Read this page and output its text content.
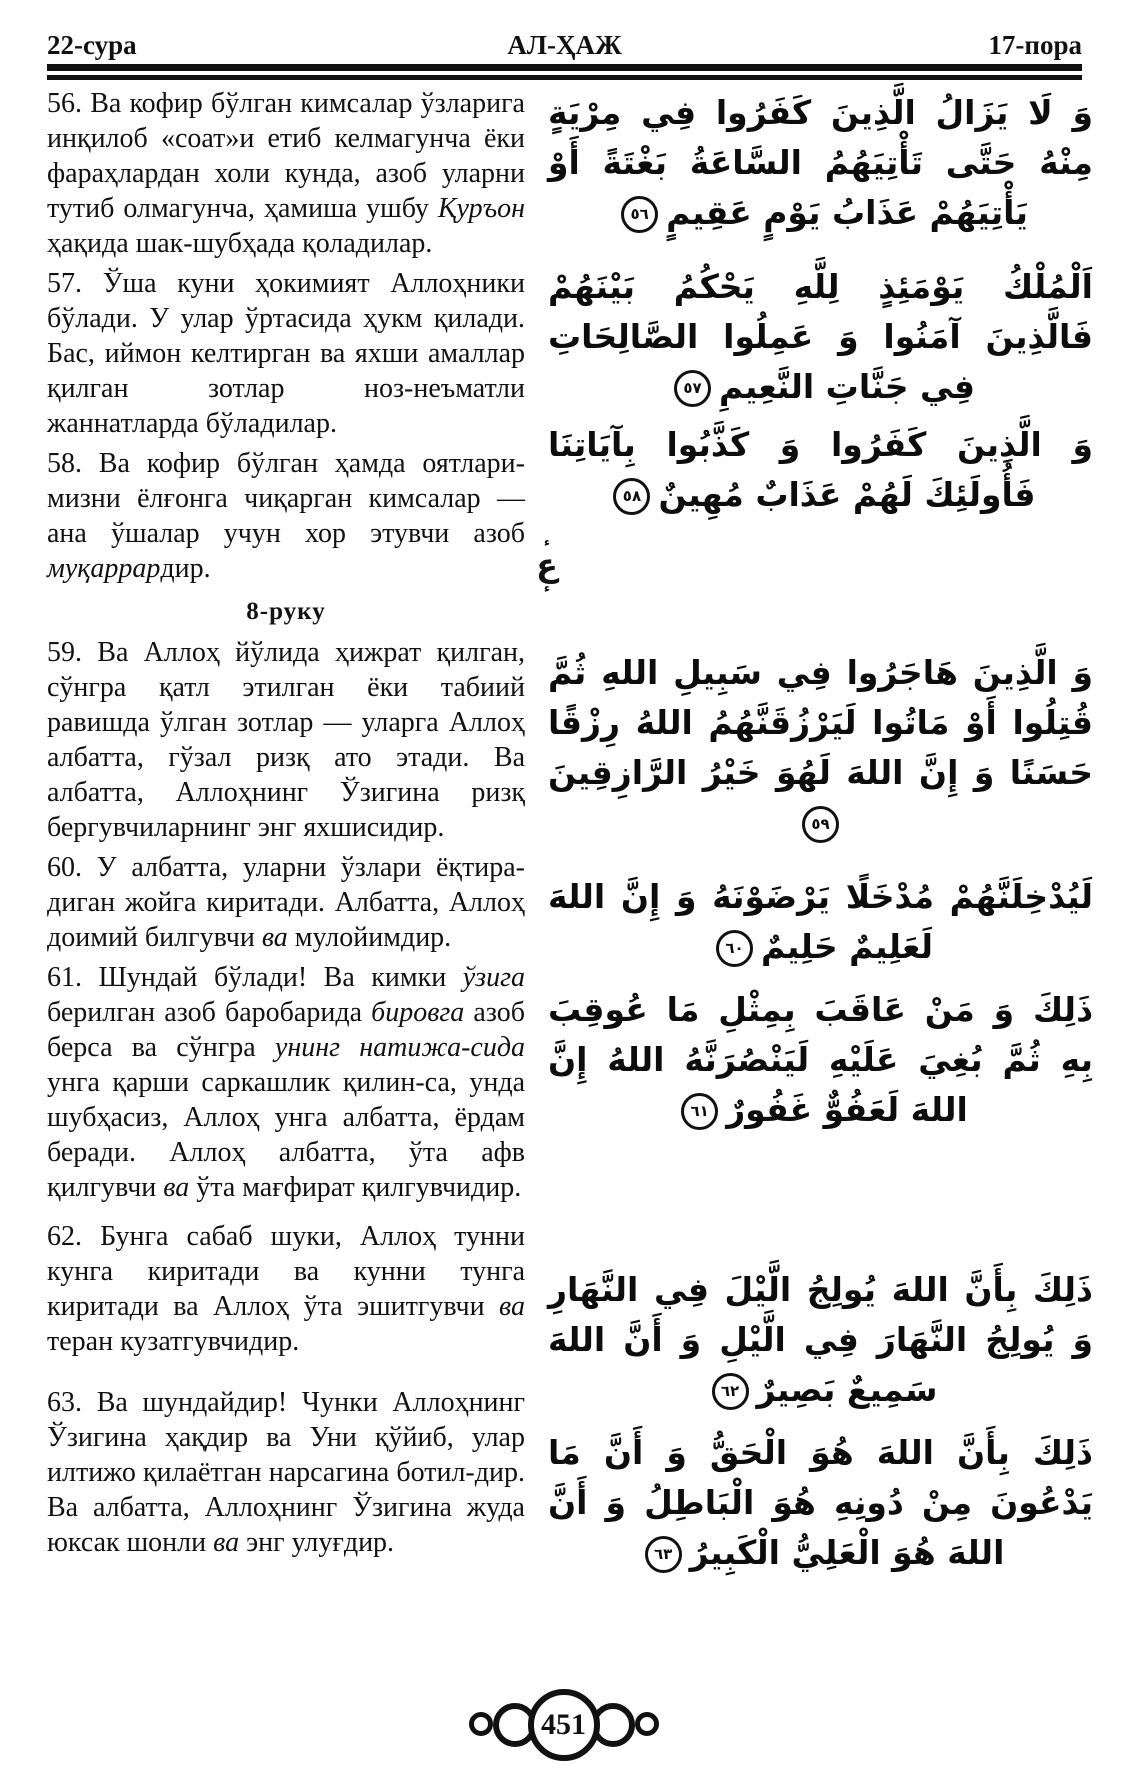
АЛ-ҲАЖ
22-сура	17-пора

56. Ва кофир бўлган кимсалар ўзларига инқилоб «соат»и етиб келмагунча ёки фараҳлардан холи кунда, азоб уларни тутиб олмагунча, ҳамиша ушбу Қуръон ҳақида шак-шубҳада қоладилар.

57. Ўша куни ҳокимият Аллоҳники бўлади. У улар ўртасида ҳукм қилади. Бас, иймон келтирган ва яхши амаллар қилган зотлар ноз-неъматли жаннатларда бўладилар.

58. Ва кофир бўлган ҳамда оятлари-мизни ёлғонга чиқарган кимсалар — ана ўшалар учун хор этувчи азоб муқаррардир.

8-руку

59. Ва Аллоҳ йўлида ҳижрат қилган, сўнгра қатл этилган ёки табиий равишда ўлган зотлар — уларга Аллоҳ албатта, гўзал ризқ ато этади. Ва албатта, Аллоҳнинг Ўзигина ризқ бергувчиларнинг энг яхшисидир.

60. У албатта, уларни ўзлари ёқтира-диган жойга киритади. Албатта, Аллоҳ доимий билгувчи ва мулойимдир.

61. Шундай бўлади! Ва кимки ўзига берилган азоб баробарида бировга азоб берса ва сўнгра унинг натижа-сида унга қарши саркашлик қилин-са, унда шубҳасиз, Аллоҳ унга албатта, ёрдам беради. Аллоҳ албатта, ўта афв қилгувчи ва ўта мағфират қилгувчидир.

62. Бунга сабаб шуки, Аллоҳ тунни кунга киритади ва кунни тунга киритади ва Аллоҳ ўта эшитгувчи ва теран кузатгувчидир.

63. Ва шундайдир! Чунки Аллоҳнинг Ўзигина ҳақдир ва Уни қўйиб, улар илтижо қилаётган нарсагина ботил-дир. Ва албатта, Аллоҳнинг Ўзигина жуда юксак шонли ва энг улуғдир.

ء
ع
ء
وَ لَا يَزَالُ الَّذِينَ كَفَرُوا فِي مِرْيَةٍ مِنْهُ حَتَّى تَأْتِيَهُمُ السَّاعَةُ بَغْتَةً أَوْ يَأْتِيَهُمْ عَذَابُ يَوْمٍ عَقِيمٍ٥٦
اَلْمُلْكُ يَوْمَئِذٍ لِلَّهِ يَحْكُمُ بَيْنَهُمْ فَالَّذِينَ آمَنُوا وَ عَمِلُوا الصَّالِحَاتِ فِي جَنَّاتِ النَّعِيمِ٥٧
وَ الَّذِينَ كَفَرُوا وَ كَذَّبُوا بِآيَاتِنَا فَأُولَئِكَ لَهُمْ عَذَابٌ مُهِينٌ٥٨
وَ الَّذِينَ هَاجَرُوا فِي سَبِيلِ اللهِ ثُمَّ قُتِلُوا أَوْ مَاتُوا لَيَرْزُقَنَّهُمُ اللهُ رِزْقًا حَسَنًا وَ إِنَّ اللهَ لَهُوَ خَيْرُ الرَّازِقِينَ٥٩
لَيُدْخِلَنَّهُمْ مُدْخَلًا يَرْضَوْنَهُ وَ إِنَّ اللهَ لَعَلِيمٌ حَلِيمٌ٦٠
ذَلِكَ وَ مَنْ عَاقَبَ بِمِثْلِ مَا عُوقِبَ بِهِ ثُمَّ بُغِيَ عَلَيْهِ لَيَنْصُرَنَّهُ اللهُ إِنَّ اللهَ لَعَفُوٌّ غَفُورٌ٦١
ذَلِكَ بِأَنَّ اللهَ يُولِجُ الَّيْلَ فِي النَّهَارِ وَ يُولِجُ النَّهَارَ فِي الَّيْلِ وَ أَنَّ اللهَ سَمِيعٌ بَصِيرٌ٦٢
ذَلِكَ بِأَنَّ اللهَ هُوَ الْحَقُّ وَ أَنَّ مَا يَدْعُونَ مِنْ دُونِهِ هُوَ الْبَاطِلُ وَ أَنَّ اللهَ هُوَ الْعَلِيُّ الْكَبِيرُ٦٣
451
